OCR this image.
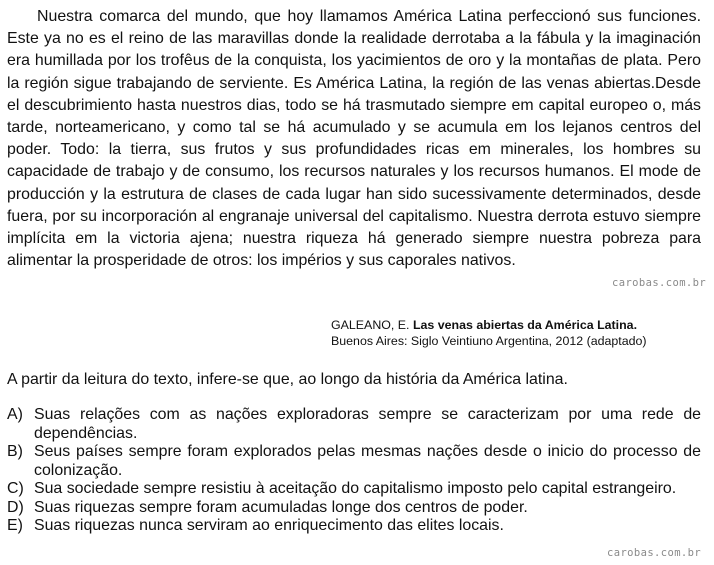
Nuestra comarca del mundo, que hoy llamamos América Latina perfeccionó sus funciones. Este ya no es el reino de las maravillas donde la realidade derrotaba a la fábula y la imaginación era humillada por los trofêus de la conquista, los yacimientos de oro y la montañas de plata. Pero la región sigue trabajando de serviente. Es América Latina, la región de las venas abiertas.Desde el descubrimiento hasta nuestros dias, todo se há trasmutado siempre em capital europeo o, más tarde, norteamericano, y como tal se há acumulado y se acumula em los lejanos centros del poder. Todo: la tierra, sus frutos y sus profundidades ricas em minerales, los hombres su capacidade de trabajo y de consumo, los recursos naturales y los recursos humanos. El mode de producción y la estrutura de clases de cada lugar han sido sucessivamente determinados, desde fuera, por su incorporación al engranaje universal del capitalismo. Nuestra derrota estuvo siempre implícita em la victoria ajena; nuestra riqueza há generado siempre nuestra pobreza para alimentar la prosperidade de otros: los impérios y sus caporales nativos.

carobas.com.br
GALEANO, E. Las venas abiertas da América Latina.
Buenos Aires: Siglo Veintiuno Argentina, 2012 (adaptado)

A partir da leitura do texto, infere-se que, ao longo da história da América latina.

A) Suas relações com as nações exploradoras sempre se caracterizam por uma rede de dependências.
B) Seus países sempre foram explorados pelas mesmas nações desde o inicio do processo de colonização.
C) Sua sociedade sempre resistiu à aceitação do capitalismo imposto pelo capital estrangeiro.
D) Suas riquezas sempre foram acumuladas longe dos centros de poder.
E) Suas riquezas nunca serviram ao enriquecimento das elites locais.
carobas.com.br
